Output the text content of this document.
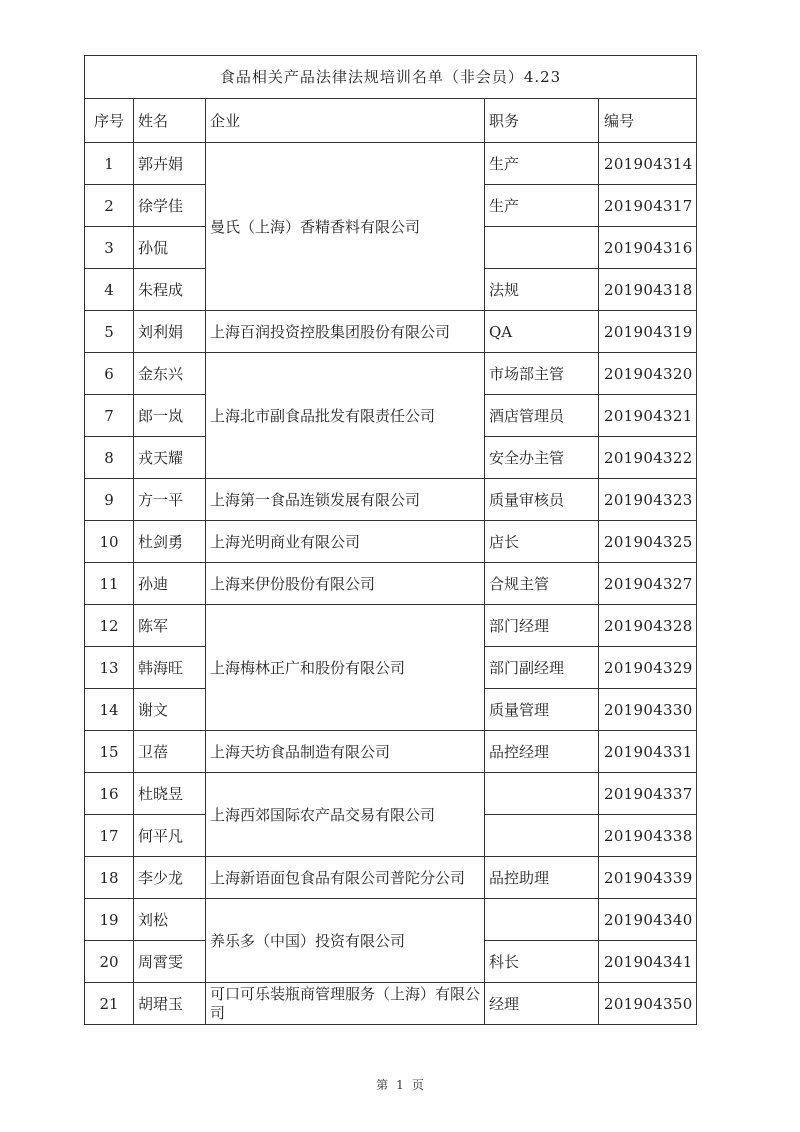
食品相关产品法律法规培训名单（非会员）4.23				
序号	姓名	企业	职务	编号
1	郭卉娟	曼氏（上海）香精香料有限公司	生产	201904314
2	徐学佳		生产	201904317
3	孙侃			201904316
4	朱程成		法规	201904318
5	刘利娟	上海百润投资控股集团股份有限公司	QA	201904319
6	金东兴	上海北市副食品批发有限责任公司	市场部主管	201904320
7	郎一岚		酒店管理员	201904321
8	戎天耀		安全办主管	201904322
9	方一平	上海第一食品连锁发展有限公司	质量审核员	201904323
10	杜剑勇	上海光明商业有限公司	店长	201904325
11	孙迪	上海来伊份股份有限公司	合规主管	201904327
12	陈军	上海梅林正广和股份有限公司	部门经理	201904328
13	韩海旺		部门副经理	201904329
14	谢文		质量管理	201904330
15	卫蓓	上海天坊食品制造有限公司	品控经理	201904331
16	杜晓昱	上海西郊国际农产品交易有限公司		201904337
17	何平凡			201904338
18	李少龙	上海新语面包食品有限公司普陀分公司	品控助理	201904339
19	刘松	养乐多（中国）投资有限公司		201904340
20	周霄雯		科长	201904341
21	胡珺玉	可口可乐装瓶商管理服务（上海）有限公司	经理	201904350
第 1 页
